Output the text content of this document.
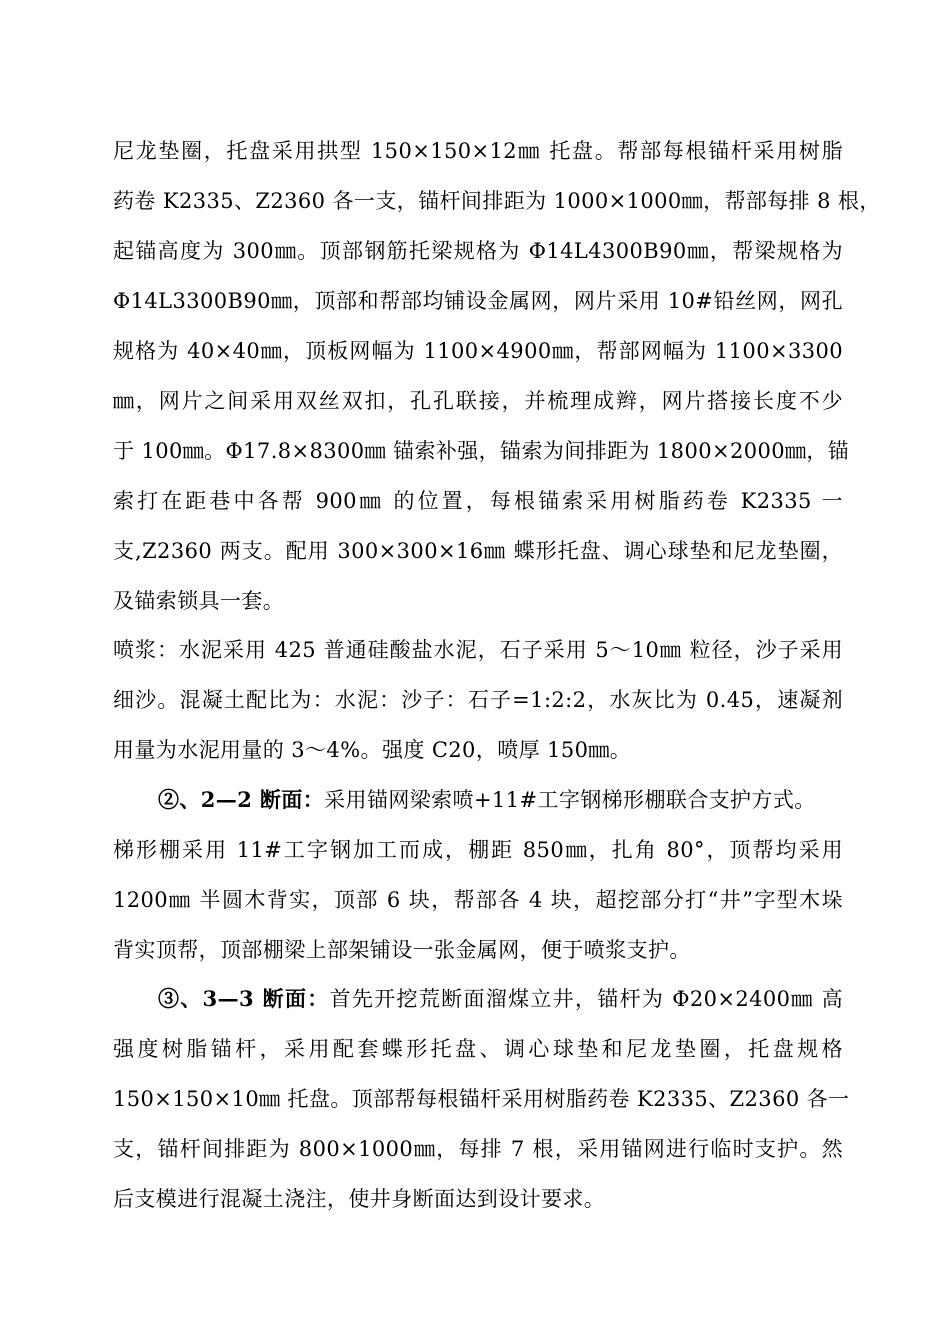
尼龙垫圈，托盘采用拱型 150×150×12㎜ 托盘。帮部每根锚杆采用树脂
药卷 K2335、Z2360 各一支，锚杆间排距为 1000×1000㎜，帮部每排 8 根，
起锚高度为 300㎜。顶部钢筋托梁规格为 Φ14L4300B90㎜，帮梁规格为
Φ14L3300B90㎜，顶部和帮部均铺设金属网，网片采用 10#铅丝网，网孔
规格为 40×40㎜，顶板网幅为 1100×4900㎜，帮部网幅为 1100×3300
㎜，网片之间采用双丝双扣，孔孔联接，并梳理成辫，网片搭接长度不少
于 100㎜。Φ17.8×8300㎜ 锚索补强，锚索为间排距为 1800×2000㎜，锚
索打在距巷中各帮 900㎜ 的位置，每根锚索采用树脂药卷 K2335 一
支,Z2360 两支。配用 300×300×16㎜ 蝶形托盘、调心球垫和尼龙垫圈，
及锚索锁具一套。
喷浆：水泥采用 425 普通硅酸盐水泥，石子采用 5～10㎜ 粒径，沙子采用
细沙。混凝土配比为：水泥：沙子：石子=1:2:2，水灰比为 0.45，速凝剂
用量为水泥用量的 3～4%。强度 C20，喷厚 150㎜。
②、2—2 断面：采用锚网梁索喷+11#工字钢梯形棚联合支护方式。
梯形棚采用 11#工字钢加工而成，棚距 850㎜，扎角 80°，顶帮均采用
1200㎜ 半圆木背实，顶部 6 块，帮部各 4 块，超挖部分打“井”字型木垛
背实顶帮，顶部棚梁上部架铺设一张金属网，便于喷浆支护。
③、3—3 断面：首先开挖荒断面溜煤立井，锚杆为 Φ20×2400㎜ 高
强度树脂锚杆，采用配套蝶形托盘、调心球垫和尼龙垫圈，托盘规格
150×150×10㎜ 托盘。顶部帮每根锚杆采用树脂药卷 K2335、Z2360 各一
支，锚杆间排距为 800×1000㎜，每排 7 根，采用锚网进行临时支护。然
后支模进行混凝土浇注，使井身断面达到设计要求。
